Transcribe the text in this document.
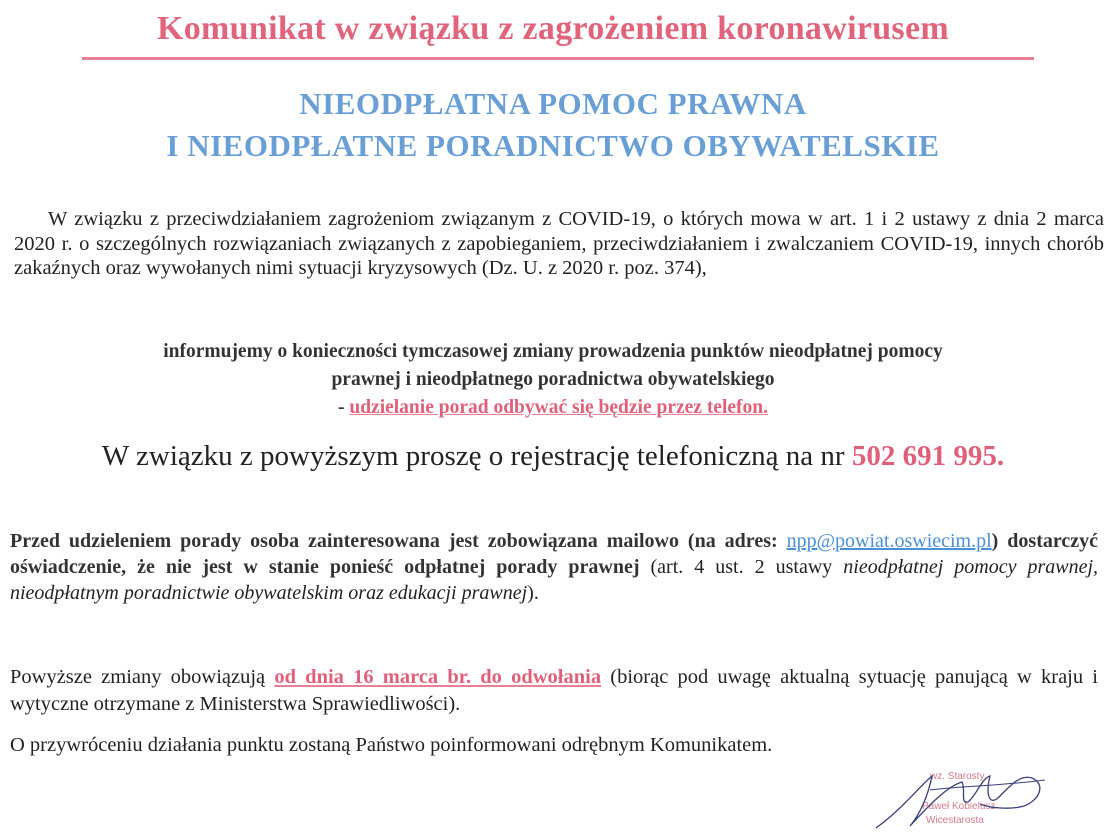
Komunikat w związku z zagrożeniem koronawirusem
NIEODPŁATNA POMOC PRAWNA
I NIEODPŁATNE PORADNICTWO OBYWATELSKIE
W związku z przeciwdziałaniem zagrożeniom związanym z COVID-19, o których mowa w art. 1 i 2 ustawy z dnia 2 marca 2020 r. o szczególnych rozwiązaniach związanych z zapobieganiem, przeciwdziałaniem i zwalczaniem COVID-19, innych chorób zakaźnych oraz wywołanych nimi sytuacji kryzysowych (Dz. U. z 2020 r. poz. 374),
informujemy o konieczności tymczasowej zmiany prowadzenia punktów nieodpłatnej pomocy
prawnej i nieodpłatnego poradnictwa obywatelskiego
- udzielanie porad odbywać się będzie przez telefon.
W związku z powyższym proszę o rejestrację telefoniczną na nr 502 691 995.
Przed udzieleniem porady osoba zainteresowana jest zobowiązana mailowo (na adres: npp@powiat.oswiecim.pl) dostarczyć oświadczenie, że nie jest w stanie ponieść odpłatnej porady prawnej (art. 4 ust. 2 ustawy nieodpłatnej pomocy prawnej, nieodpłatnym poradnictwie obywatelskim oraz edukacji prawnej).
Powyższe zmiany obowiązują od dnia 16 marca br. do odwołania (biorąc pod uwagę aktualną sytuację panującą w kraju i wytyczne otrzymane z Ministerstwa Sprawiedliwości).
O przywróceniu działania punktu zostaną Państwo poinformowani odrębnym Komunikatem.
wz. Starosty
Paweł Kobielusz
Wicestarosta
